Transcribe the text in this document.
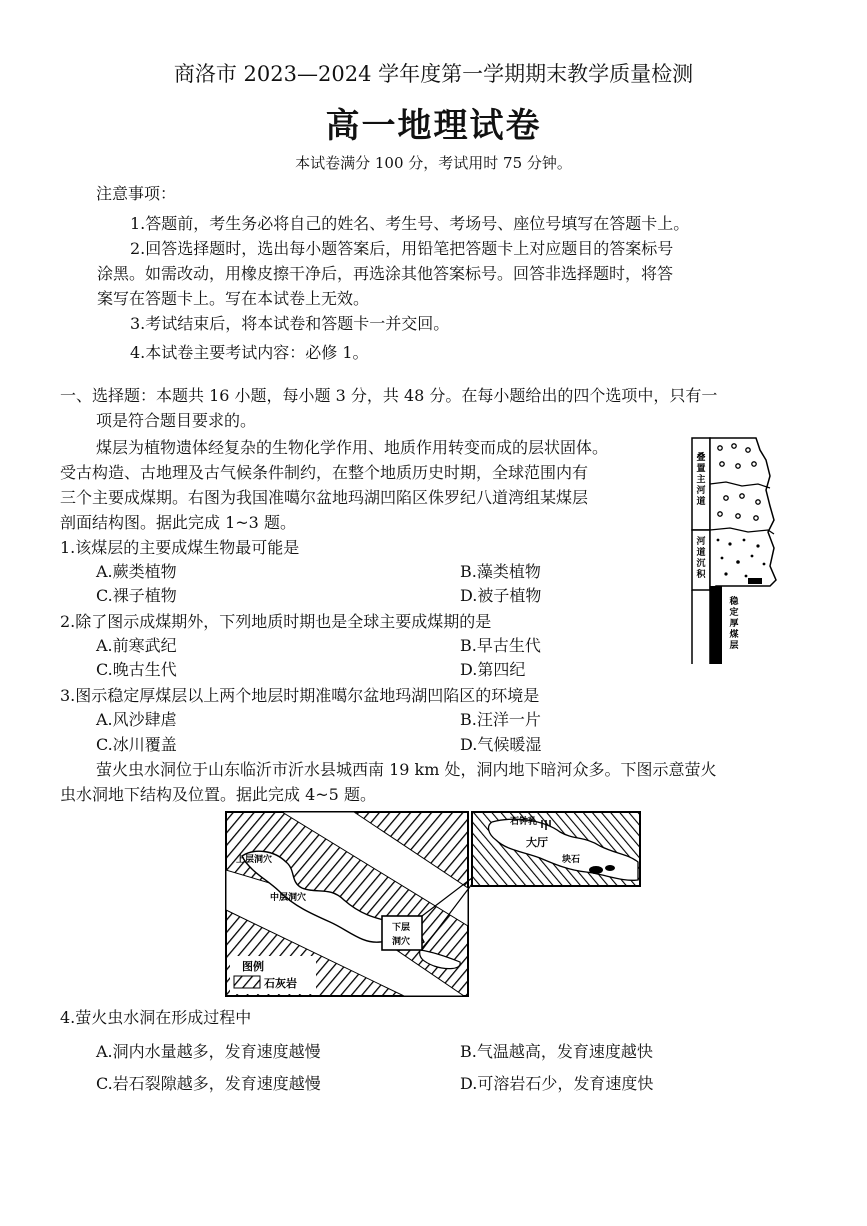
商洛市 2023—2024 学年度第一学期期末教学质量检测
高一地理试卷
本试卷满分 100 分，考试用时 75 分钟。
注意事项：
1.答题前，考生务必将自己的姓名、考生号、考场号、座位号填写在答题卡上。
2.回答选择题时，选出每小题答案后，用铅笔把答题卡上对应题目的答案标号
涂黑。如需改动，用橡皮擦干净后，再选涂其他答案标号。回答非选择题时，将答
案写在答题卡上。写在本试卷上无效。
3.考试结束后，将本试卷和答题卡一并交回。
4.本试卷主要考试内容：必修 1。
一、选择题：本题共 16 小题，每小题 3 分，共 48 分。在每小题给出的四个选项中，只有一
项是符合题目要求的。
煤层为植物遗体经复杂的生物化学作用、地质作用转变而成的层状固体。
受古构造、古地理及古气候条件制约，在整个地质历史时期，全球范围内有
三个主要成煤期。右图为我国准噶尔盆地玛湖凹陷区侏罗纪八道湾组某煤层
剖面结构图。据此完成 1~3 题。
1.该煤层的主要成煤生物最可能是
A.蕨类植物	B.藻类植物
C.裸子植物	D.被子植物
2.除了图示成煤期外，下列地质时期也是全球主要成煤期的是
A.前寒武纪	B.早古生代
C.晚古生代	D.第四纪
3.图示稳定厚煤层以上两个地层时期准噶尔盆地玛湖凹陷区的环境是
A.风沙肆虐	B.汪洋一片
C.冰川覆盖	D.气候暖湿
萤火虫水洞位于山东临沂市沂水县城西南 19 km 处，洞内地下暗河众多。下图示意萤火
虫水洞地下结构及位置。据此完成 4~5 题。
4.萤火虫水洞在形成过程中
A.洞内水量越多，发育速度越慢	B.气温越高，发育速度越快
C.岩石裂隙越多，发育速度越慢	D.可溶岩石少，发育速度快
叠置主河道
河道沉积
稳定厚煤层
上层洞穴
中层洞穴
下层
洞穴
图例
石灰岩
石钟乳
大厅
块石
